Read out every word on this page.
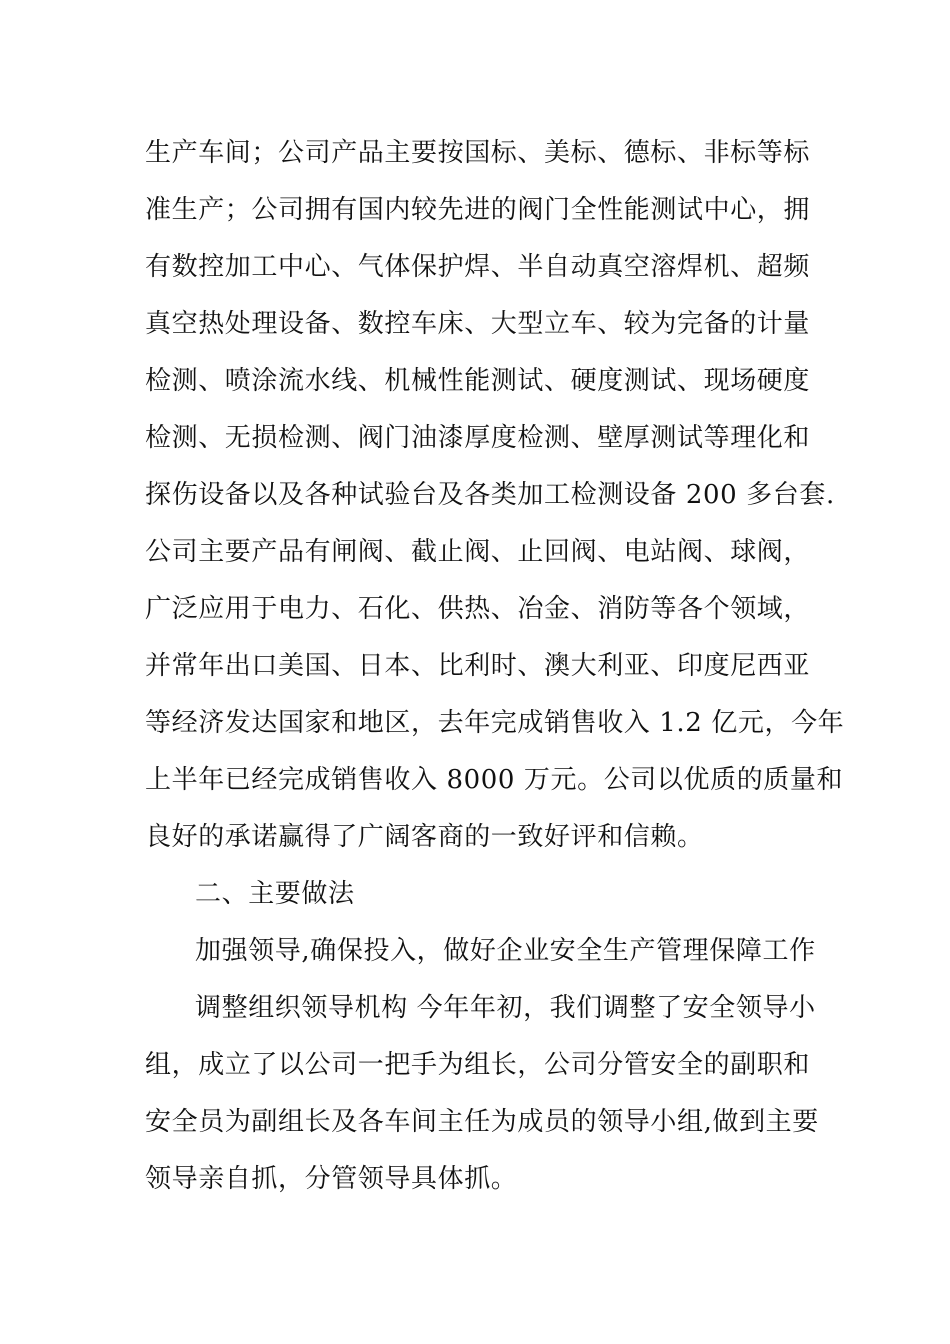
生产车间；公司产品主要按国标、美标、德标、非标等标
准生产；公司拥有国内较先进的阀门全性能测试中心，拥
有数控加工中心、气体保护焊、半自动真空溶焊机、超频
真空热处理设备、数控车床、大型立车、较为完备的计量
检测、喷涂流水线、机械性能测试、硬度测试、现场硬度
检测、无损检测、阀门油漆厚度检测、壁厚测试等理化和
探伤设备以及各种试验台及各类加工检测设备 200 多台套.
公司主要产品有闸阀、截止阀、止回阀、电站阀、球阀，
广泛应用于电力、石化、供热、冶金、消防等各个领域，
并常年出口美国、日本、比利时、澳大利亚、印度尼西亚
等经济发达国家和地区，去年完成销售收入 1.2 亿元，今年
上半年已经完成销售收入 8000 万元。公司以优质的质量和
良好的承诺赢得了广阔客商的一致好评和信赖。
二、主要做法
加强领导,确保投入，做好企业安全生产管理保障工作
调整组织领导机构 今年年初，我们调整了安全领导小
组，成立了以公司一把手为组长，公司分管安全的副职和
安全员为副组长及各车间主任为成员的领导小组,做到主要
领导亲自抓，分管领导具体抓。
